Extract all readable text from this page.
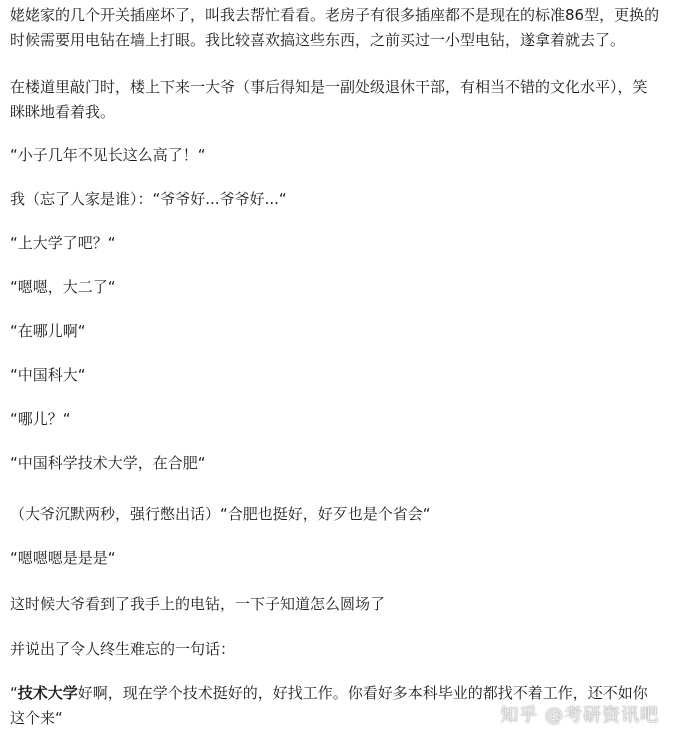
姥姥家的几个开关插座坏了，叫我去帮忙看看。老房子有很多插座都不是现在的标准86型，更换的时候需要用电钻在墙上打眼。我比较喜欢搞这些东西，之前买过一小型电钻，遂拿着就去了。

在楼道里敲门时，楼上下来一大爷（事后得知是一副处级退休干部，有相当不错的文化水平），笑眯眯地看着我。

“小子几年不见长这么高了！“

我（忘了人家是谁）：“爷爷好...爷爷好...“

“上大学了吧？“

“嗯嗯，大二了“

“在哪儿啊“

“中国科大“

“哪儿？“

“中国科学技术大学，在合肥“

（大爷沉默两秒，强行憋出话）“合肥也挺好，好歹也是个省会“

“嗯嗯嗯是是是“

这时候大爷看到了我手上的电钻，一下子知道怎么圆场了

并说出了令人终生难忘的一句话：

“技术大学好啊，现在学个技术挺好的，好找工作。你看好多本科毕业的都找不着工作，还不如你这个来“	知乎 @考研资讯吧
